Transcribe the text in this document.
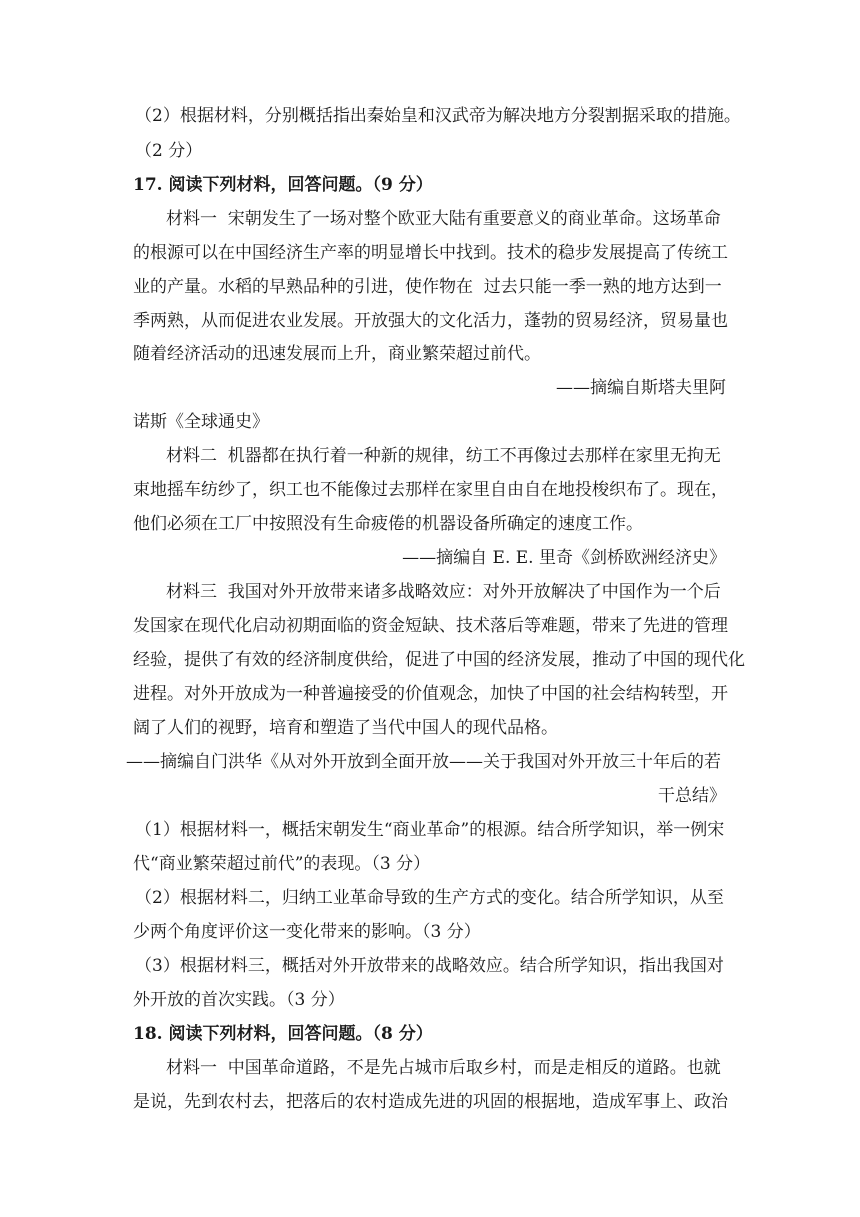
（2）根据材料，分别概括指出秦始皇和汉武帝为解决地方分裂割据采取的措施。
（2 分）
17. 阅读下列材料，回答问题。（9 分）
材料一  宋朝发生了一场对整个欧亚大陆有重要意义的商业革命。这场革命
的根源可以在中国经济生产率的明显增长中找到。技术的稳步发展提高了传统工
业的产量。水稻的早熟品种的引进，使作物在  过去只能一季一熟的地方达到一
季两熟，从而促进农业发展。开放强大的文化活力，蓬勃的贸易经济，贸易量也
随着经济活动的迅速发展而上升，商业繁荣超过前代。
——摘编自斯塔夫里阿
诺斯《全球通史》
材料二  机器都在执行着一种新的规律，纺工不再像过去那样在家里无拘无
束地摇车纺纱了，织工也不能像过去那样在家里自由自在地投梭织布了。现在，
他们必须在工厂中按照没有生命疲倦的机器设备所确定的速度工作。
——摘编自 E. E. 里奇《剑桥欧洲经济史》
材料三  我国对外开放带来诸多战略效应：对外开放解决了中国作为一个后
发国家在现代化启动初期面临的资金短缺、技术落后等难题，带来了先进的管理
经验，提供了有效的经济制度供给，促进了中国的经济发展，推动了中国的现代化
进程。对外开放成为一种普遍接受的价值观念，加快了中国的社会结构转型，开
阔了人们的视野，培育和塑造了当代中国人的现代品格。
——摘编自门洪华《从对外开放到全面开放——关于我国对外开放三十年后的若
干总结》
（1）根据材料一，概括宋朝发生“商业革命”的根源。结合所学知识，举一例宋
代“商业繁荣超过前代”的表现。（3 分）
（2）根据材料二，归纳工业革命导致的生产方式的变化。结合所学知识，从至
少两个角度评价这一变化带来的影响。（3 分）
（3）根据材料三，概括对外开放带来的战略效应。结合所学知识，指出我国对
外开放的首次实践。（3 分）
18. 阅读下列材料，回答问题。（8 分）
材料一  中国革命道路，不是先占城市后取乡村，而是走相反的道路。也就
是说，先到农村去，把落后的农村造成先进的巩固的根据地，造成军事上、政治
